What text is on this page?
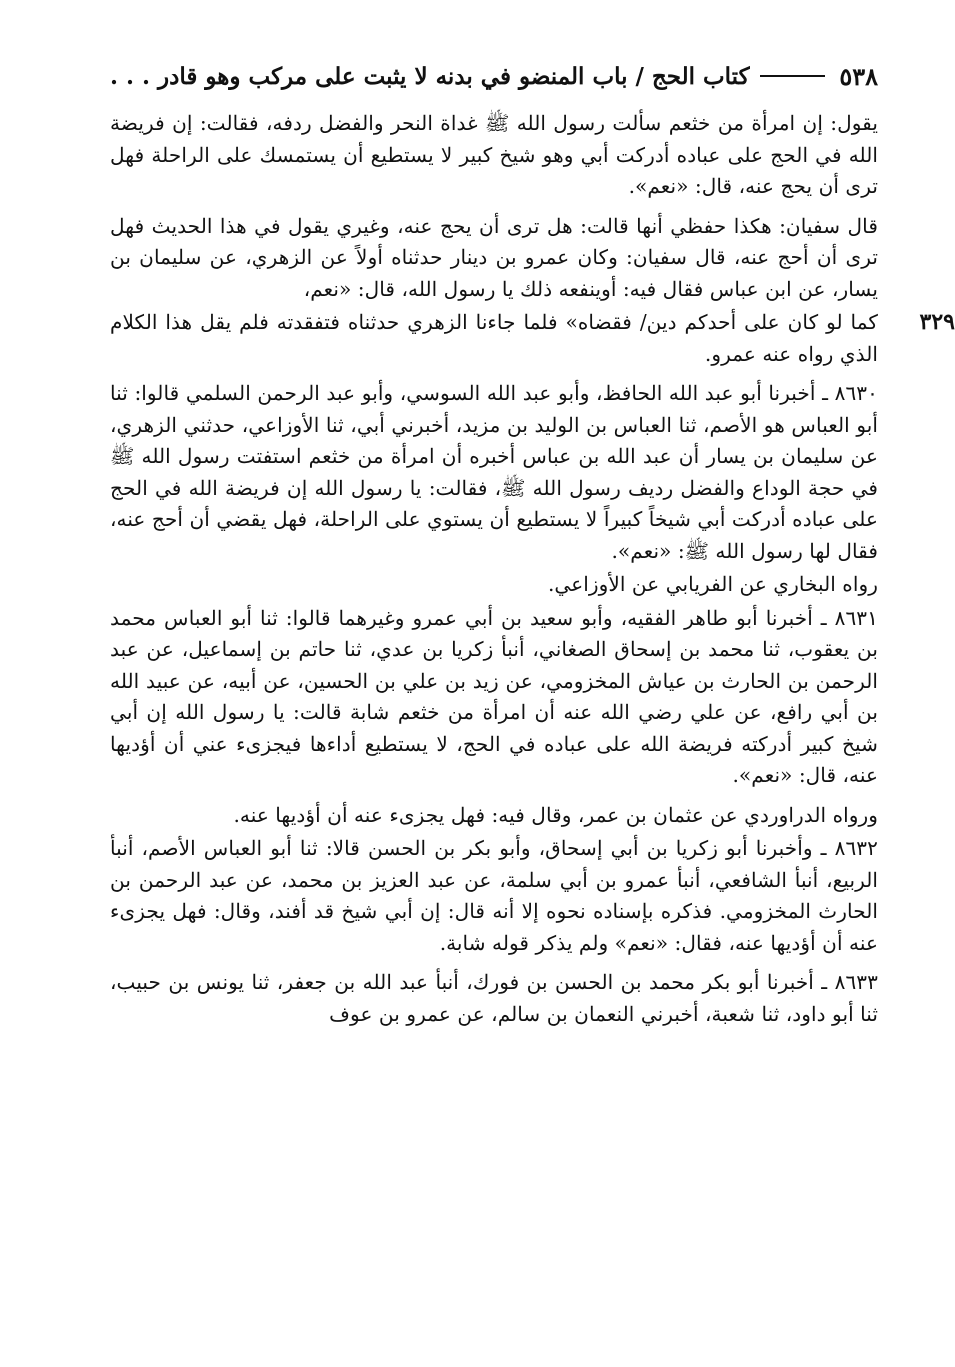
٥٣٨
كتاب الحج / باب المنضو في بدنه لا يثبت على مركب وهو قادر . . .

يقول: إن امرأة من خثعم سألت رسول الله ﷺ غداة النحر والفضل ردفه، فقالت: إن فريضة الله في الحج على عباده أدركت أبي وهو شيخ كبير لا يستطيع أن يستمسك على الراحلة فهل ترى أن يحج عنه، قال: «نعم».

قال سفيان: هكذا حفظي أنها قالت: هل ترى أن يحج عنه، وغيري يقول في هذا الحديث فهل ترى أن أحج عنه، قال سفيان: وكان عمرو بن دينار حدثناه أولاً عن الزهري، عن سليمان بن يسار، عن ابن عباس فقال فيه: أوينفعه ذلك يا رسول الله، قال: «نعم،

٣٢٩
كما لو كان على أحدكم دين/ فقضاه» فلما جاءنا الزهري حدثناه فتفقدته فلم يقل هذا الكلام الذي رواه عنه عمرو.

٨٦٣٠ ـ أخبرنا أبو عبد الله الحافظ، وأبو عبد الله السوسي، وأبو عبد الرحمن السلمي قالوا: ثنا أبو العباس هو الأصم، ثنا العباس بن الوليد بن مزيد، أخبرني أبي، ثنا الأوزاعي، حدثني الزهري، عن سليمان بن يسار أن عبد الله بن عباس أخبره أن امرأة من خثعم استفتت رسول الله ﷺ في حجة الوداع والفضل رديف رسول الله ﷺ، فقالت: يا رسول الله إن فريضة الله في الحج على عباده أدركت أبي شيخاً كبيراً لا يستطيع أن يستوي على الراحلة، فهل يقضي أن أحج عنه، فقال لها رسول الله ﷺ: «نعم».

رواه البخاري عن الفريابي عن الأوزاعي.

٨٦٣١ ـ أخبرنا أبو طاهر الفقيه، وأبو سعيد بن أبي عمرو وغيرهما قالوا: ثنا أبو العباس محمد بن يعقوب، ثنا محمد بن إسحاق الصغاني، أنبأ زكريا بن عدي، ثنا حاتم بن إسماعيل، عن عبد الرحمن بن الحارث بن عياش المخزومي، عن زيد بن علي بن الحسين، عن أبيه، عن عبيد الله بن أبي رافع، عن علي رضي الله عنه أن امرأة من خثعم شابة قالت: يا رسول الله إن أبي شيخ كبير أدركته فريضة الله على عباده في الحج، لا يستطيع أداءها فيجزىء عني أن أؤديها عنه، قال: «نعم».

ورواه الدراوردي عن عثمان بن عمر، وقال فيه: فهل يجزىء عنه أن أؤديها عنه.

٨٦٣٢ ـ وأخبرنا أبو زكريا بن أبي إسحاق، وأبو بكر بن الحسن قالا: ثنا أبو العباس الأصم، أنبأ الربيع، أنبأ الشافعي، أنبأ عمرو بن أبي سلمة، عن عبد العزيز بن محمد، عن عبد الرحمن بن الحارث المخزومي. فذكره بإسناده نحوه إلا أنه قال: إن أبي شيخ قد أفند، وقال: فهل يجزىء عنه أن أؤديها عنه، فقال: «نعم» ولم يذكر قوله شابة.

٨٦٣٣ ـ أخبرنا أبو بكر محمد بن الحسن بن فورك، أنبأ عبد الله بن جعفر، ثنا يونس بن حبيب، ثنا أبو داود، ثنا شعبة، أخبرني النعمان بن سالم، عن عمرو بن عوف
